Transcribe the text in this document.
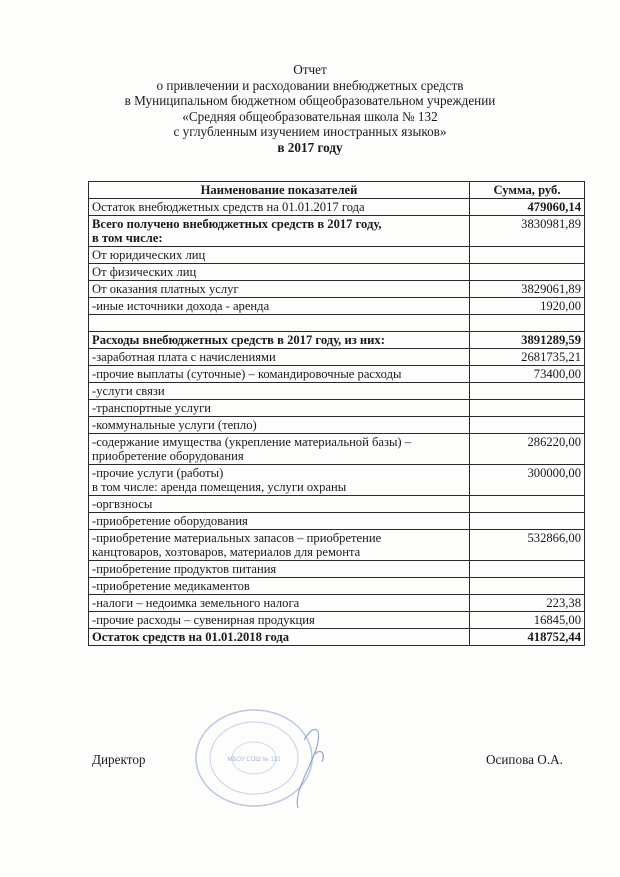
Отчет
о привлечении и расходовании внебюджетных средств
в Муниципальном бюджетном общеобразовательном учреждении
«Средняя общеобразовательная школа № 132
с углубленным изучением иностранных языков»
в 2017 году
Наименование показателей	Сумма, руб.
Остаток внебюджетных средств на 01.01.2017 года	479060,14
Всего получено внебюджетных средств в 2017 году,
в том числе:	3830981,89
От юридических лиц	
От физических лиц	
От оказания платных услуг	3829061,89
-иные источники дохода - аренда	1920,00

Расходы внебюджетных средств в 2017 году, из них:	3891289,59
-заработная плата с начислениями	2681735,21
-прочие выплаты (суточные) – командировочные расходы	73400,00
-услуги связи	
-транспортные услуги	
-коммунальные услуги (тепло)	
-содержание имущества (укрепление материальной базы) –
приобретение оборудования	286220,00
-прочие услуги (работы)
в том числе: аренда помещения, услуги охраны	300000,00
-оргвзносы	
-приобретение оборудования	
-приобретение материальных запасов – приобретение
канцтоваров, хозтоваров, материалов для ремонта	532866,00
-приобретение продуктов питания	
-приобретение медикаментов	
-налоги – недоимка земельного налога	223,38
-прочие расходы – сувенирная продукция	16845,00
Остаток средств на 01.01.2018 года	418752,44
МБОУ СОШ № 132
Директор	Осипова О.А.
